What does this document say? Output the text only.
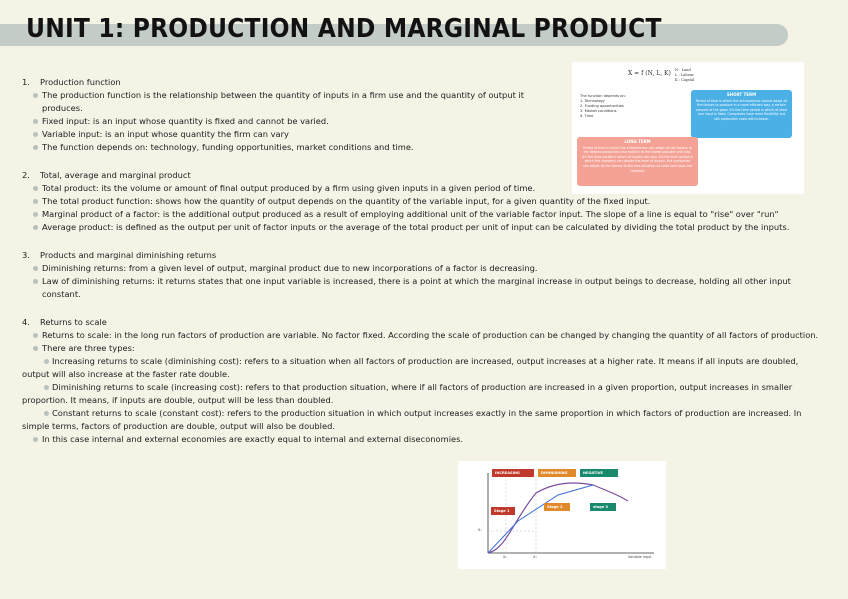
UNIT 1: PRODUCTION AND MARGINAL PRODUCT
1. Production function
The production function is the relationship between the quantity of inputs in a firm use and the quantity of output it produces.
Fixed input: is an input whose quantity is fixed and cannot be varied.
Variable input: is an input whose quantity the firm can vary
The function depends on: technology, funding opportunities, market conditions and time.
2. Total, average and marginal product
Total product: its the volume or amount of final output produced by a firm using given inputs in a given period of time.
The total product function: shows how the quantity of output depends on the quantity of the variable input, for a given quantity of the fixed input.
Marginal product of a factor: is the additional output produced as a result of employing additional unit of the variable factor input. The slope of a line is equal to "rise" over "run"
Average product: is defined as the output per unit of factor inputs or the average of the total product per unit of input can be calculated by dividing the total product by the inputs.
3. Products and marginal diminishing returns
Diminishing returns: from a given level of output, marginal product due to new incorporations of a factor is decreasing.
Law of diminishing returns: it returns states that one input variable is increased, there is a point at which the marginal increase in output beings to decrease, holding all other input constant.
4. Returns to scale
Returns to scale: in the long run factors of production are variable. No factor fixed. According the scale of production can be changed by changing the quantity of all factors of production.
There are three types:
Increasing returns to scale (diminishing cost): refers to a situation when all factors of production are increased, output increases at a higher rate. It means if all inputs are doubled, output will also increase at the faster rate double.
Diminishing returns to scale (increasing cost): refers to that production situation, where if all factors of production are increased in a given proportion, output increases in smaller proportion. It means, if inputs are double, output will be less than doubled.
Constant returns to scale (constant cost): refers to the production situation in which output increases exactly in the same proportion in which factors of production are increased. In simple terms, factors of production are double, output will also be doubled.
In this case internal and external economies are exactly equal to internal and external diseconomies.
X = f (N, L, K) N : Land
L : Labour
K : Capital
The function depends on:
1. Technology
2. Funding opportunities
3. Market conditions
4. Time
SHORT TERM
Period of time in which the entrepreneur cannot adapt all the factors to produce in a more efficient way. a certain amount of the good. It's the time period in which at least one input is fixed. Companies have more flexibility but still production costs will increase.
LONG TERM
Period of time in which the entrepreneur can adapt all the factors to the desired production and make it at the lowest possible unit cost. It's the time period in which all inputs can vary. It's the time period in which the company can decide the level of output, but companies can adjust all the factors to the new situation so costs and costs are constant.
INCREASING RETURNS
DIMINISHING RETURNS
NEGATIVE RETURNS
Stage 1
Stage 2	stage 3
X₁
X₀	X₁	Variable Input
